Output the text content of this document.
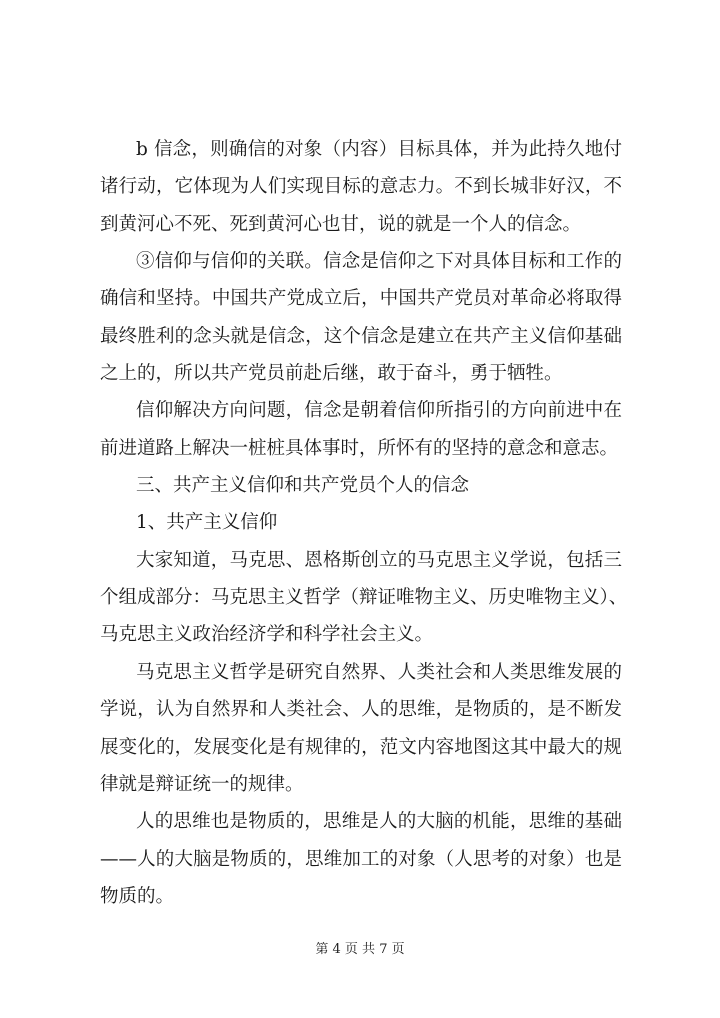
b 信念，则确信的对象（内容）目标具体，并为此持久地付
诸行动，它体现为人们实现目标的意志力。不到长城非好汉，不
到黄河心不死、死到黄河心也甘，说的就是一个人的信念。
③信仰与信仰的关联。信念是信仰之下对具体目标和工作的
确信和坚持。中国共产党成立后，中国共产党员对革命必将取得
最终胜利的念头就是信念，这个信念是建立在共产主义信仰基础
之上的，所以共产党员前赴后继，敢于奋斗，勇于牺牲。
信仰解决方向问题，信念是朝着信仰所指引的方向前进中在
前进道路上解决一桩桩具体事时，所怀有的坚持的意念和意志。
三、共产主义信仰和共产党员个人的信念
1、共产主义信仰
大家知道，马克思、恩格斯创立的马克思主义学说，包括三
个组成部分：马克思主义哲学（辩证唯物主义、历史唯物主义）、
马克思主义政治经济学和科学社会主义。
马克思主义哲学是研究自然界、人类社会和人类思维发展的
学说，认为自然界和人类社会、人的思维，是物质的，是不断发
展变化的，发展变化是有规律的，范文内容地图这其中最大的规
律就是辩证统一的规律。
人的思维也是物质的，思维是人的大脑的机能，思维的基础
——人的大脑是物质的，思维加工的对象（人思考的对象）也是
物质的。
第 4 页 共 7 页
